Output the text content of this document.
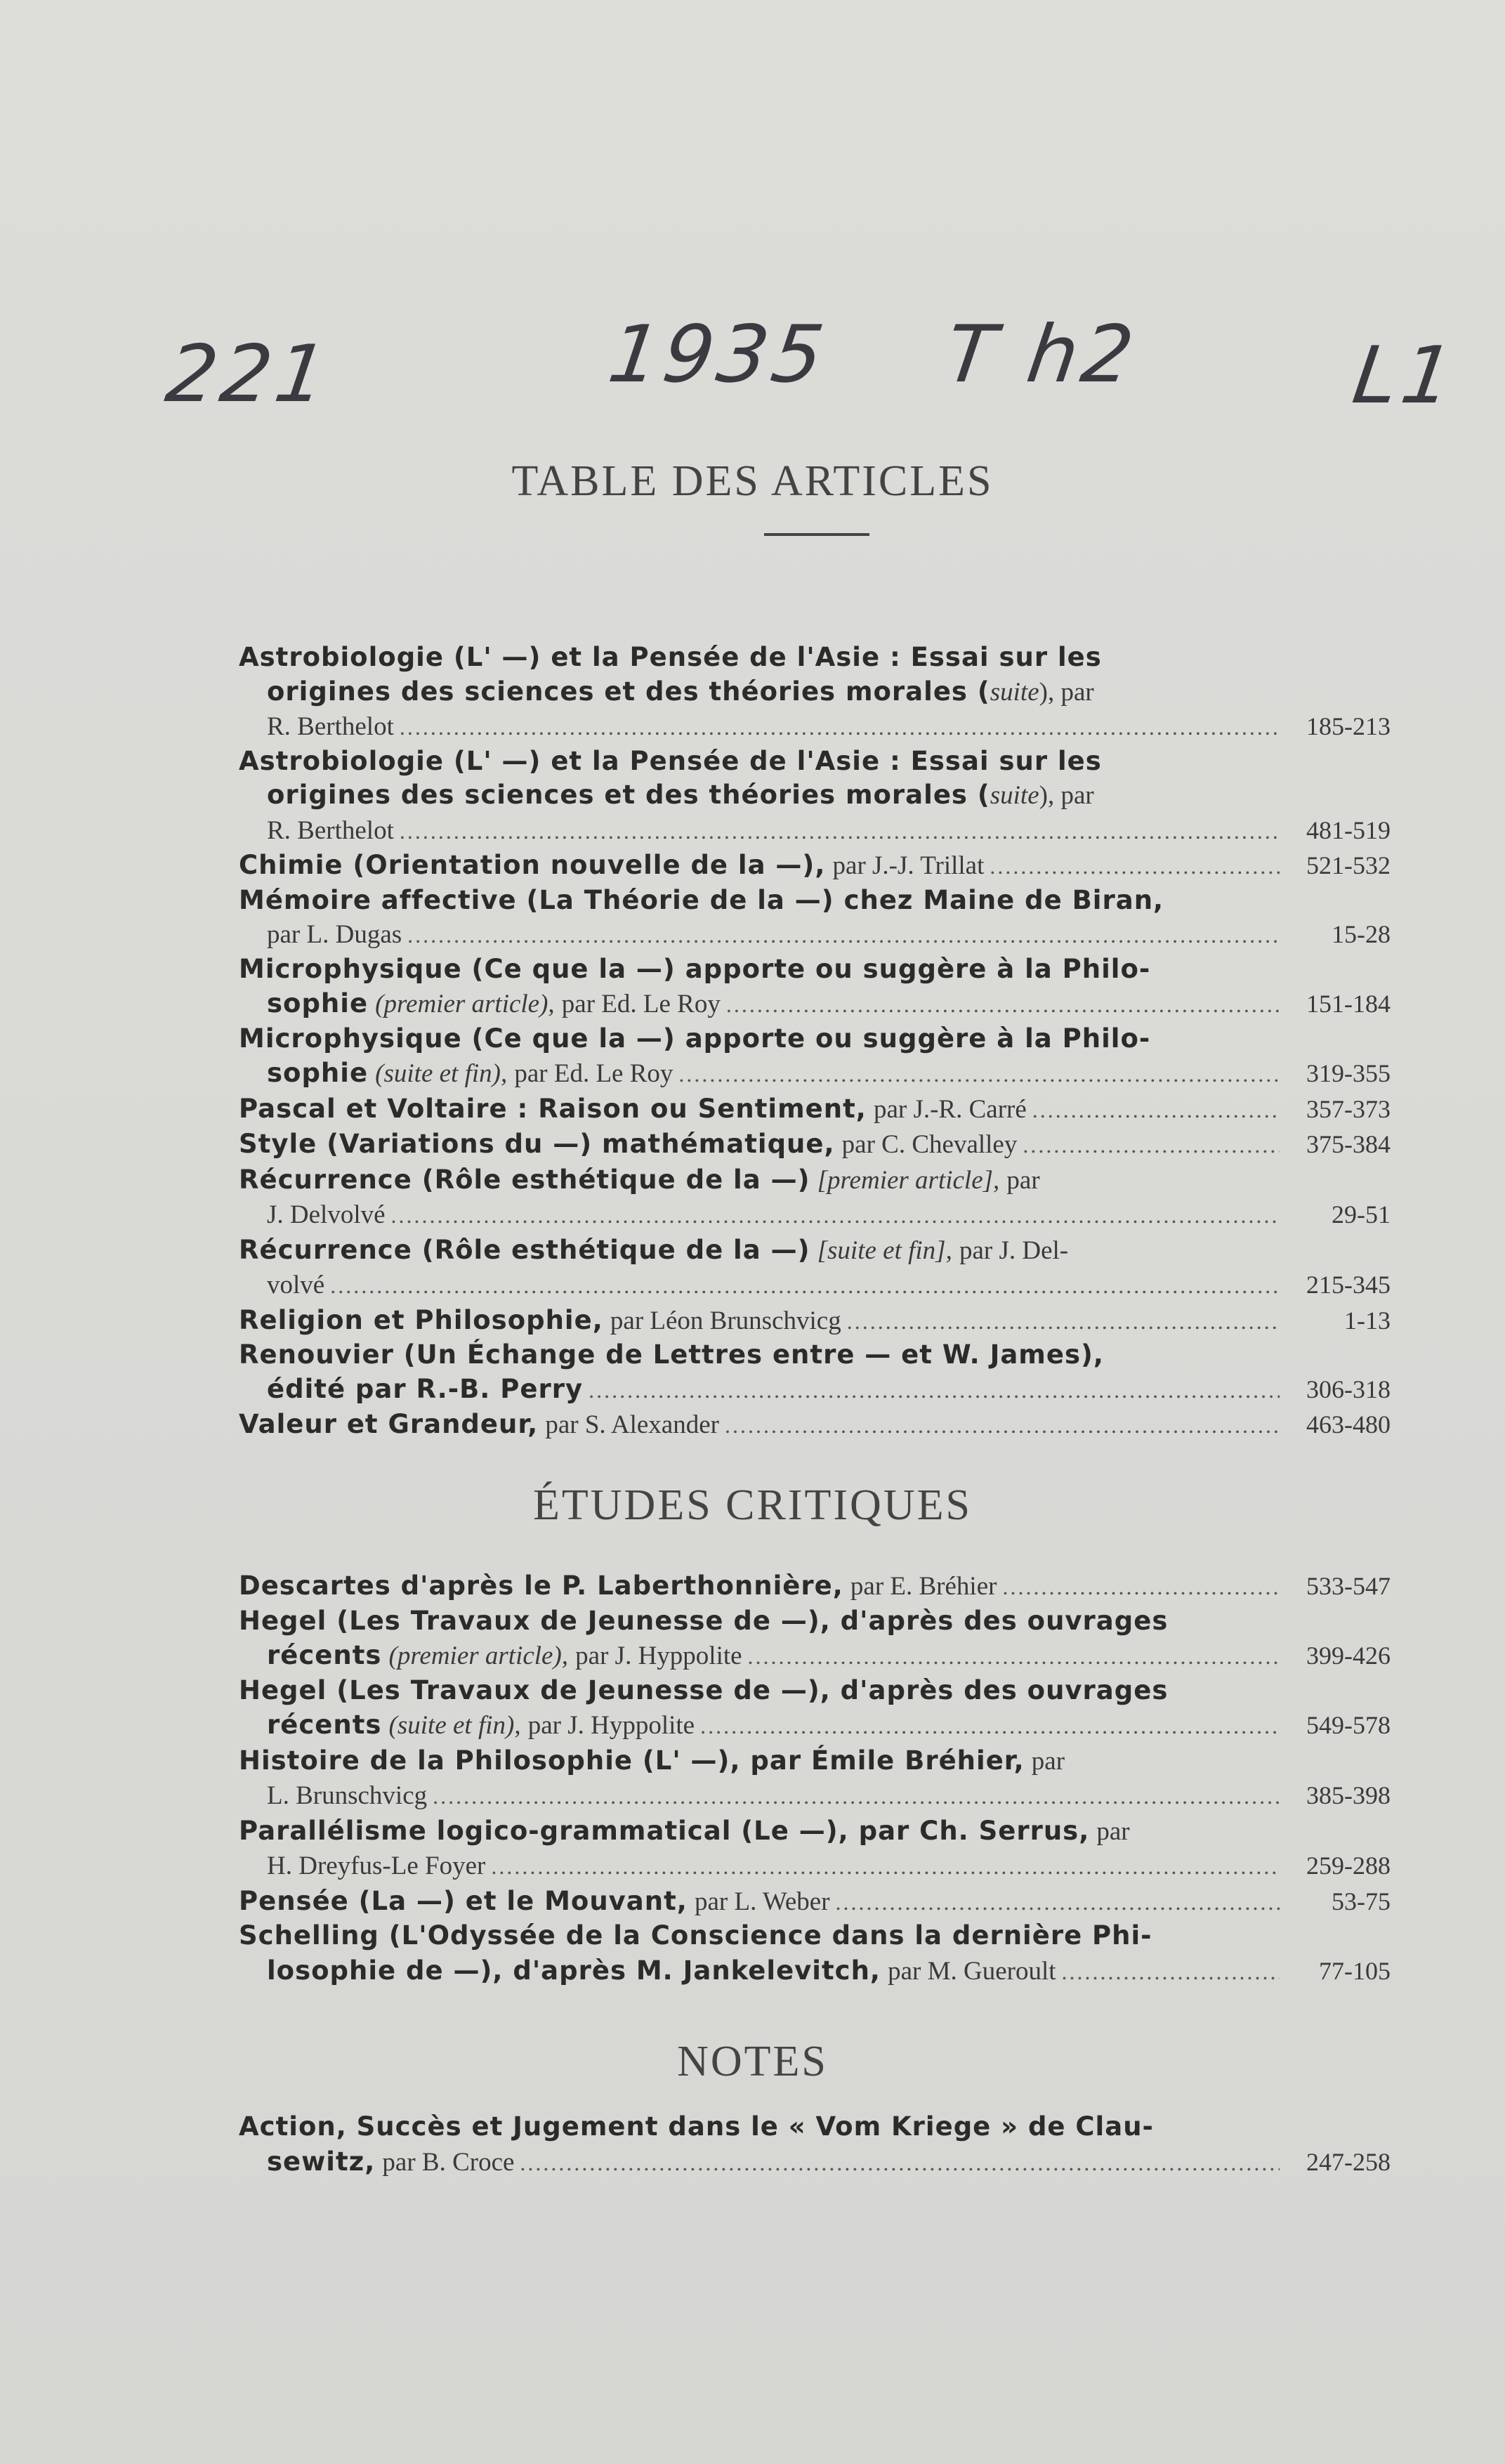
221	1935 T h2	L1
TABLE DES ARTICLES
Astrobiologie (L' —) et la Pensée de l'Asie : Essai sur les
origines des sciences et des théories morales ( suite ), par
R. Berthelot .....	185-213
Astrobiologie (L' —) et la Pensée de l'Asie : Essai sur les
origines des sciences et des théories morales ( suite ), par
R. Berthelot .....	481-519
Chimie (Orientation nouvelle de la —),
par J.-J. Trillat .....	521-532
Mémoire affective (La Théorie de la —) chez Maine de Biran,
par L. Dugas .....	15-28
Microphysique (Ce que la —) apporte ou suggère à la Philo-
sophie
(premier article),
par Ed. Le Roy .....	151-184
Microphysique (Ce que la —) apporte ou suggère à la Philo-
sophie
(suite et fin),
par Ed. Le Roy .....	319-355
Pascal et Voltaire : Raison ou Sentiment,
par J.-R. Carré .....	357-373
Style (Variations du —) mathématique,
par C. Chevalley .....	375-384
Récurrence (Rôle esthétique de la —)
[premier article],
par
J. Delvolvé .....	29-51
Récurrence (Rôle esthétique de la —)
[suite et fin],
par J. Del-
volvé .....	215-345
Religion et Philosophie,
par Léon Brunschvicg .....	1-13
Renouvier (Un Échange de Lettres entre — et W. James),
édité par R.-B. Perry .....	306-318
Valeur et Grandeur,
par S. Alexander .....	463-480
ÉTUDES CRITIQUES
Descartes d'après le P. Laberthonnière,
par E. Bréhier .....	533-547
Hegel (Les Travaux de Jeunesse de —), d'après des ouvrages
récents
(premier article),
par J. Hyppolite .....	399-426
Hegel (Les Travaux de Jeunesse de —), d'après des ouvrages
récents
(suite et fin),
par J. Hyppolite .....	549-578
Histoire de la Philosophie (L' —), par Émile Bréhier,
par
L. Brunschvicg .....	385-398
Parallélisme logico-grammatical (Le —), par Ch. Serrus,
par
H. Dreyfus-Le Foyer .....	259-288
Pensée (La —) et le Mouvant,
par L. Weber .....	53-75
Schelling (L'Odyssée de la Conscience dans la dernière Phi-
losophie de —), d'après M. Jankelevitch,
par M. Gueroult .....	77-105
NOTES
Action, Succès et Jugement dans le « Vom Kriege » de Clau-
sewitz,
par B. Croce .....	247-258
